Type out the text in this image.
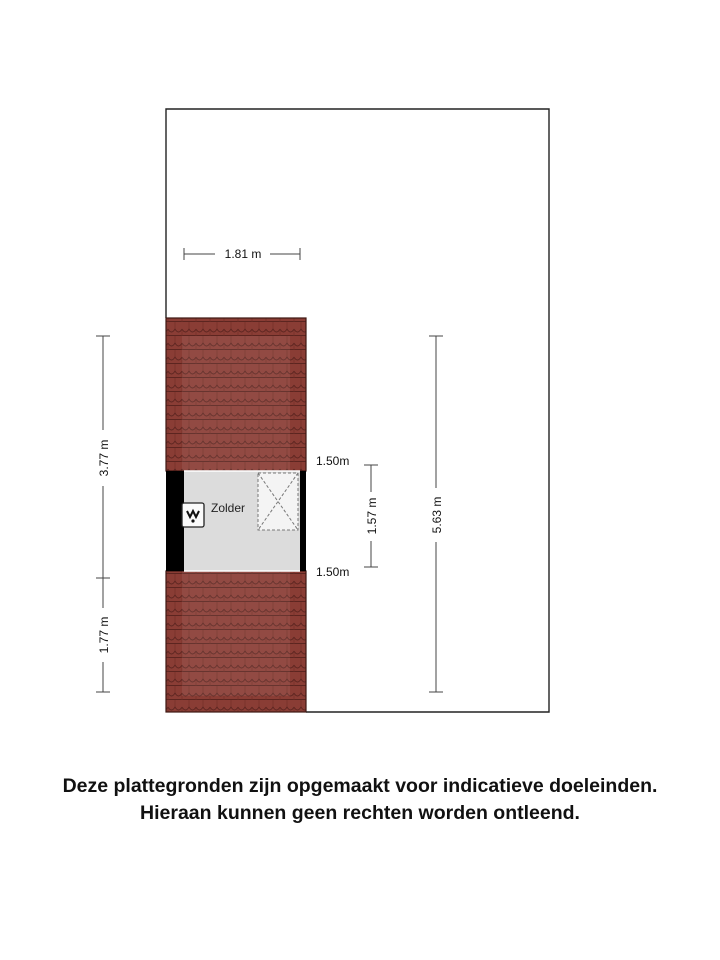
Zolder
1.81 m
3.77 m
1.77 m
1.50m
1.50m
1.57 m	5.63 m
Deze plattegronden zijn opgemaakt voor indicatieve doeleinden.
Hieraan kunnen geen rechten worden ontleend.
